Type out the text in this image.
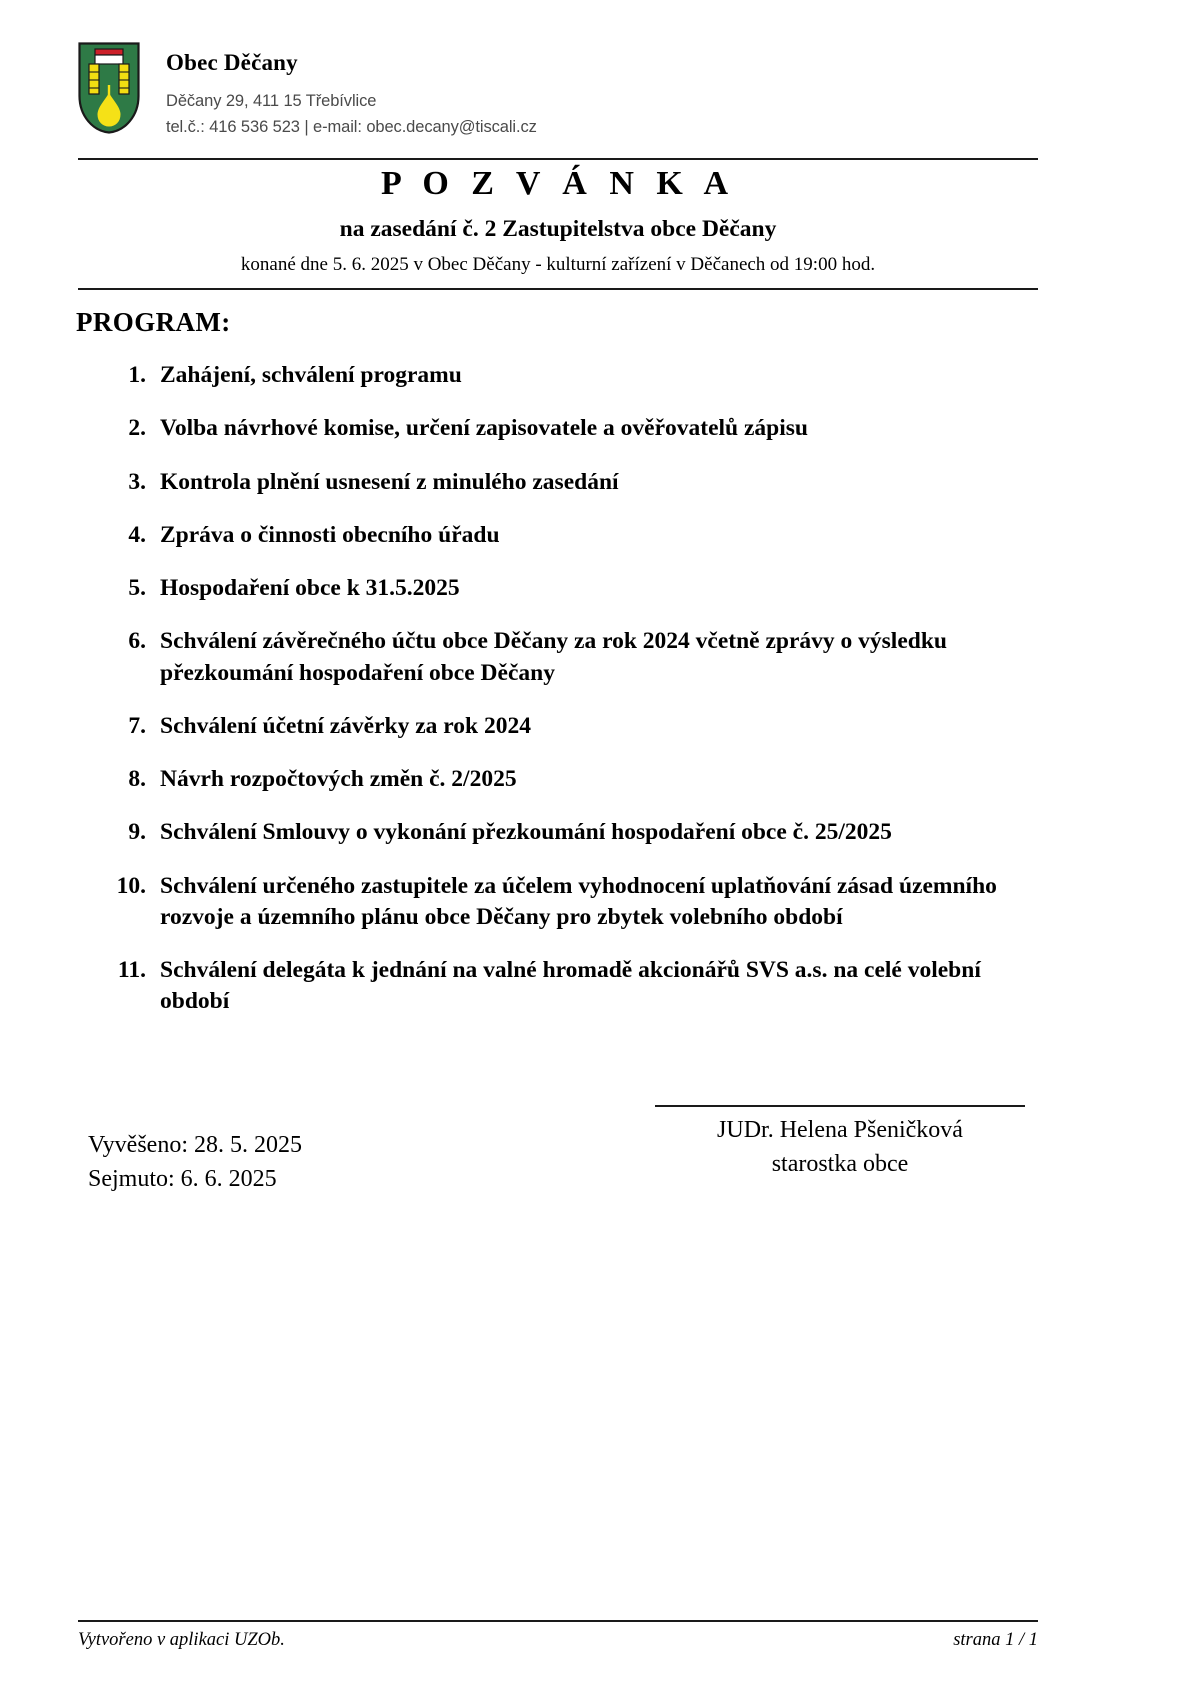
Obec Děčany
Děčany 29, 411 15 Třebívlice
tel.č.: 416 536 523 | e-mail: obec.decany@tiscali.cz
P O Z V Á N K A
na zasedání č. 2 Zastupitelstva obce Děčany

konané dne 5. 6. 2025 v Obec Děčany - kulturní zařízení v Děčanech od 19:00 hod.

PROGRAM:
1. Zahájení, schválení programu
2. Volba návrhové komise, určení zapisovatele a ověřovatelů zápisu
3. Kontrola plnění usnesení z minulého zasedání
4. Zpráva o činnosti obecního úřadu
5. Hospodaření obce k 31.5.2025
6. Schválení závěrečného účtu obce Děčany za rok 2024 včetně zprávy o výsledku přezkoumání hospodaření obce Děčany
7. Schválení účetní závěrky za rok 2024
8. Návrh rozpočtových změn č. 2/2025
9. Schválení Smlouvy o vykonání přezkoumání hospodaření obce č. 25/2025
10. Schválení určeného zastupitele za účelem vyhodnocení uplatňování zásad územního rozvoje a územního plánu obce Děčany pro zbytek volebního období
11. Schválení delegáta k jednání na valné hromadě akcionářů SVS a.s. na celé volební období
Vyvěšeno: 28. 5. 2025
Sejmuto: 6. 6. 2025
JUDr. Helena Pšeničková
starostka obce
Vytvořeno v aplikaci UZOb.	strana 1 / 1
